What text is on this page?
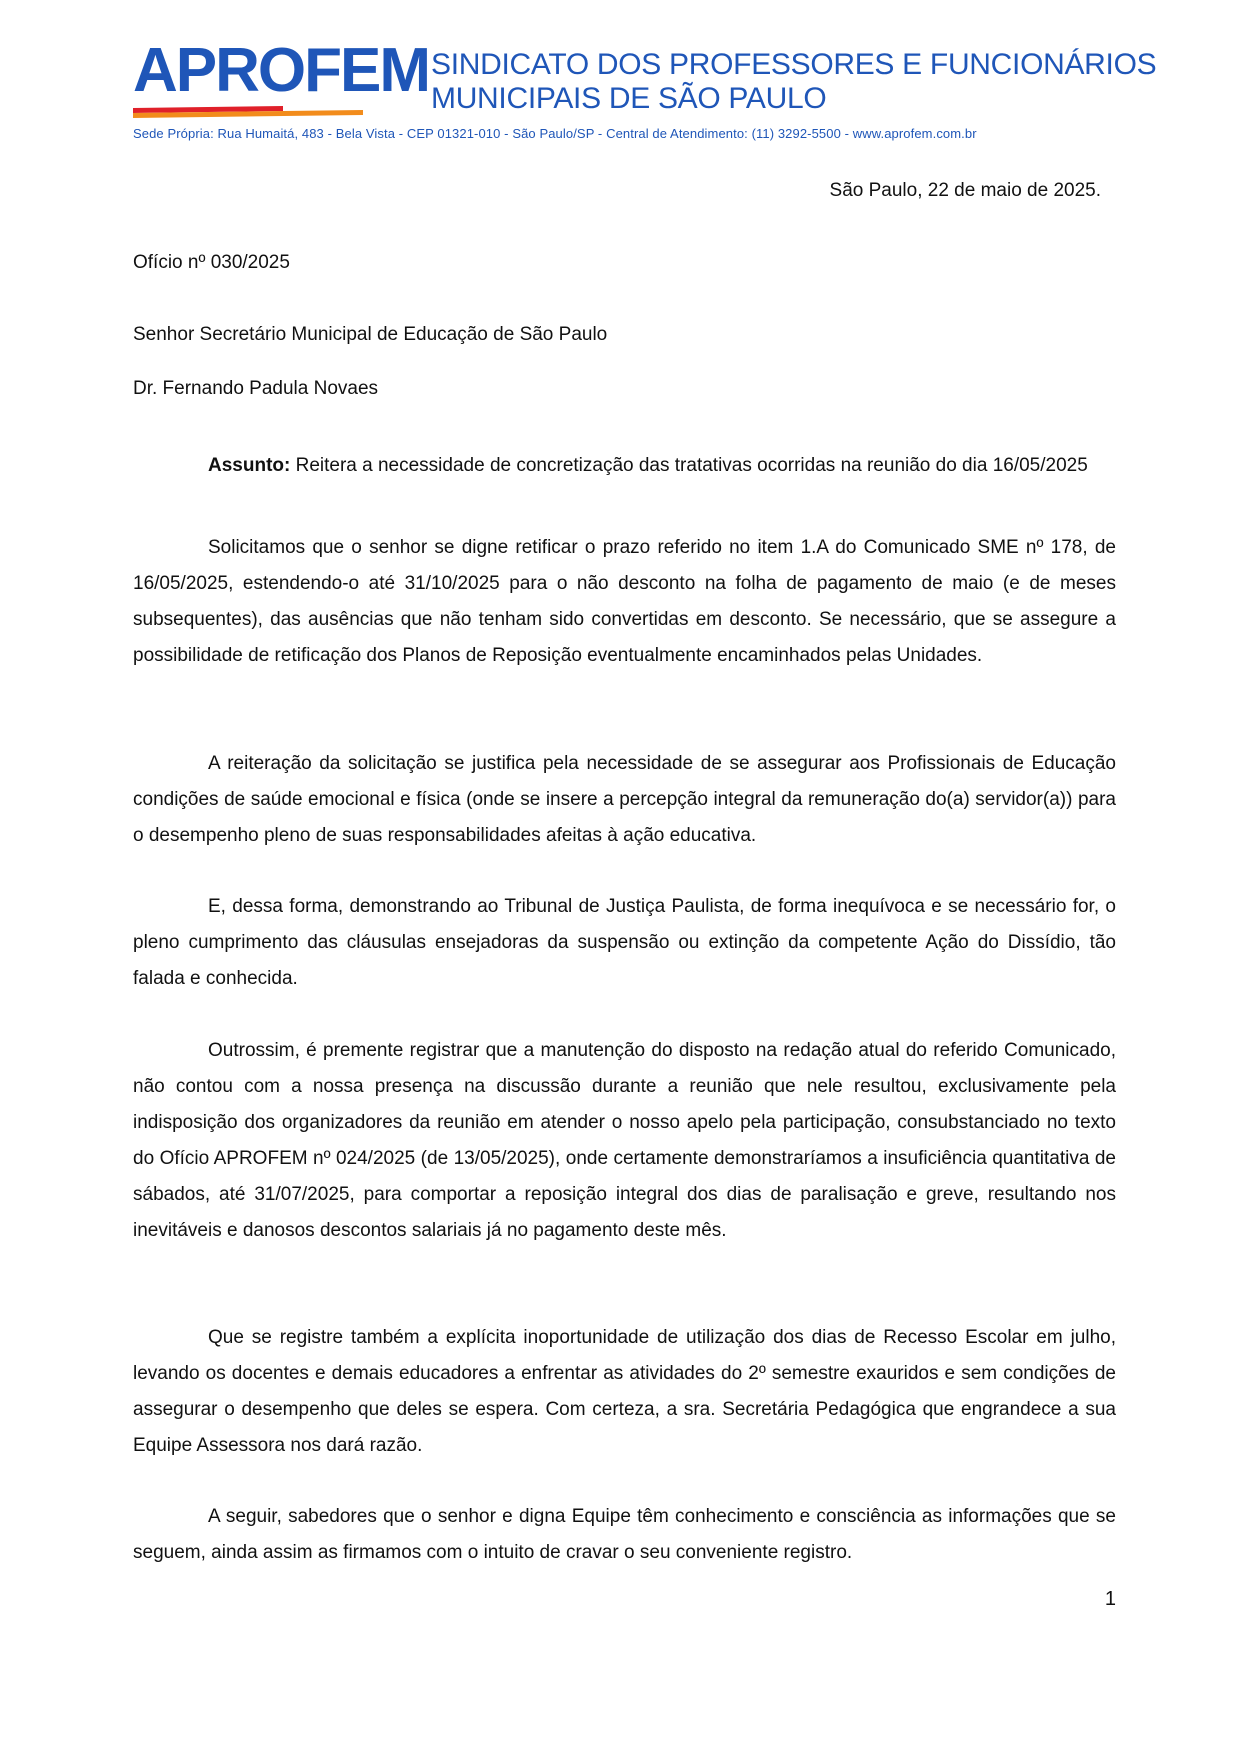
APROFEM SINDICATO DOS PROFESSORES E FUNCIONÁRIOS
MUNICIPAIS DE SÃO PAULO
Sede Própria: Rua Humaitá, 483 - Bela Vista - CEP 01321-010 - São Paulo/SP - Central de Atendimento: (11) 3292-5500 - www.aprofem.com.br
São Paulo, 22 de maio de 2025.
Ofício nº 030/2025
Senhor Secretário Municipal de Educação de São Paulo
Dr. Fernando Padula Novaes
Assunto: Reitera a necessidade de concretização das tratativas ocorridas na reunião do dia 16/05/2025
Solicitamos que o senhor se digne retificar o prazo referido no item 1.A do Comunicado SME nº 178, de 16/05/2025, estendendo-o até 31/10/2025 para o não desconto na folha de pagamento de maio (e de meses subsequentes), das ausências que não tenham sido convertidas em desconto. Se necessário, que se assegure a possibilidade de retificação dos Planos de Reposição eventualmente encaminhados pelas Unidades.
A reiteração da solicitação se justifica pela necessidade de se assegurar aos Profissionais de Educação condições de saúde emocional e física (onde se insere a percepção integral da remuneração do(a) servidor(a)) para o desempenho pleno de suas responsabilidades afeitas à ação educativa.
E, dessa forma, demonstrando ao Tribunal de Justiça Paulista, de forma inequívoca e se necessário for, o pleno cumprimento das cláusulas ensejadoras da suspensão ou extinção da competente Ação do Dissídio, tão falada e conhecida.
Outrossim, é premente registrar que a manutenção do disposto na redação atual do referido Comunicado, não contou com a nossa presença na discussão durante a reunião que nele resultou, exclusivamente pela indisposição dos organizadores da reunião em atender o nosso apelo pela participação, consubstanciado no texto do Ofício APROFEM nº 024/2025 (de 13/05/2025), onde certamente demonstraríamos a insuficiência quantitativa de sábados, até 31/07/2025, para comportar a reposição integral dos dias de paralisação e greve, resultando nos inevitáveis e danosos descontos salariais já no pagamento deste mês.
Que se registre também a explícita inoportunidade de utilização dos dias de Recesso Escolar em julho, levando os docentes e demais educadores a enfrentar as atividades do 2º semestre exauridos e sem condições de assegurar o desempenho que deles se espera. Com certeza, a sra. Secretária Pedagógica que engrandece a sua Equipe Assessora nos dará razão.
A seguir, sabedores que o senhor e digna Equipe têm conhecimento e consciência as informações que se seguem, ainda assim as firmamos com o intuito de cravar o seu conveniente registro.
1
